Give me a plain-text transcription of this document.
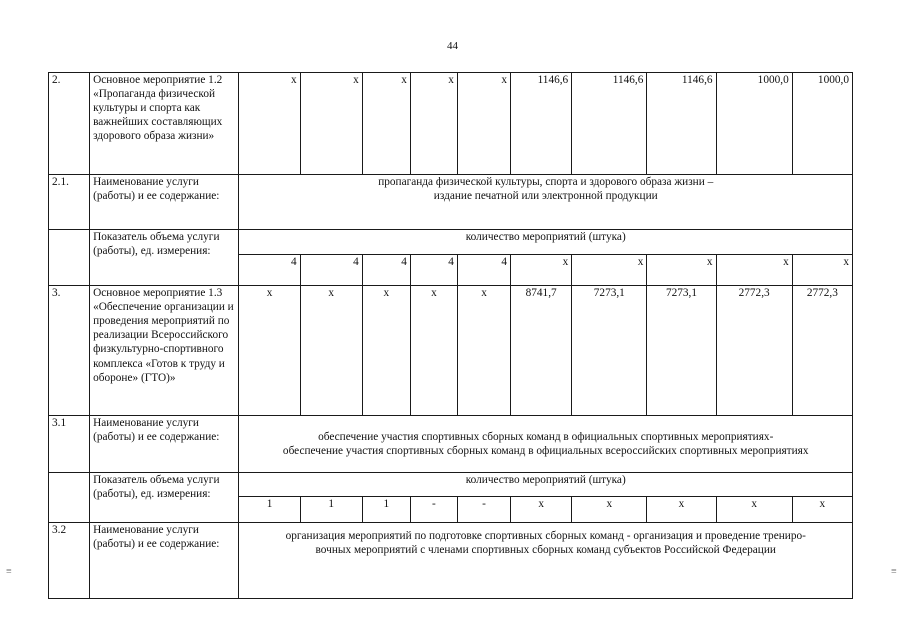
44
≡	≡
2.	Основное мероприятие 1.2 «Пропаганда физической культуры и спорта как важнейших составляющих здорового образа жизни»	х	х	х	х	х	1146,6	1146,6	1146,6	1000,0	1000,0
2.1.	Наименование услуги (работы) и ее содержание:	пропаганда физической культуры, спорта и здорового образа жизни –
издание печатной или электронной продукции									

	Показатель объема услуги (работы), ед. измерения:	количество мероприятий (штука)									
		4	4	4	4	4	х	х	х	х	х
3.	Основное мероприятие 1.3 «Обеспечение организации и проведения мероприятий по реализации Всероссийского физкультурно-спортивного комплекса «Готов к труду и обороне» (ГТО)»	х	х	х	х	х	8741,7	7273,1	7273,1	2772,3	2772,3
3.1	Наименование услуги (работы) и ее содержание:	обеспечение участия спортивных сборных команд в официальных спортивных мероприятиях-
обеспечение участия спортивных сборных команд в официальных всероссийских спортивных мероприятиях									

	Показатель объема услуги (работы), ед. измерения:	количество мероприятий (штука)									
		1	1	1	-	-	х	х	х	х	х
3.2	Наименование услуги (работы) и ее содержание:	организация мероприятий по подготовке спортивных сборных команд - организация и проведение трениро-
вочных мероприятий с членами спортивных сборных команд субъектов Российской Федерации									
